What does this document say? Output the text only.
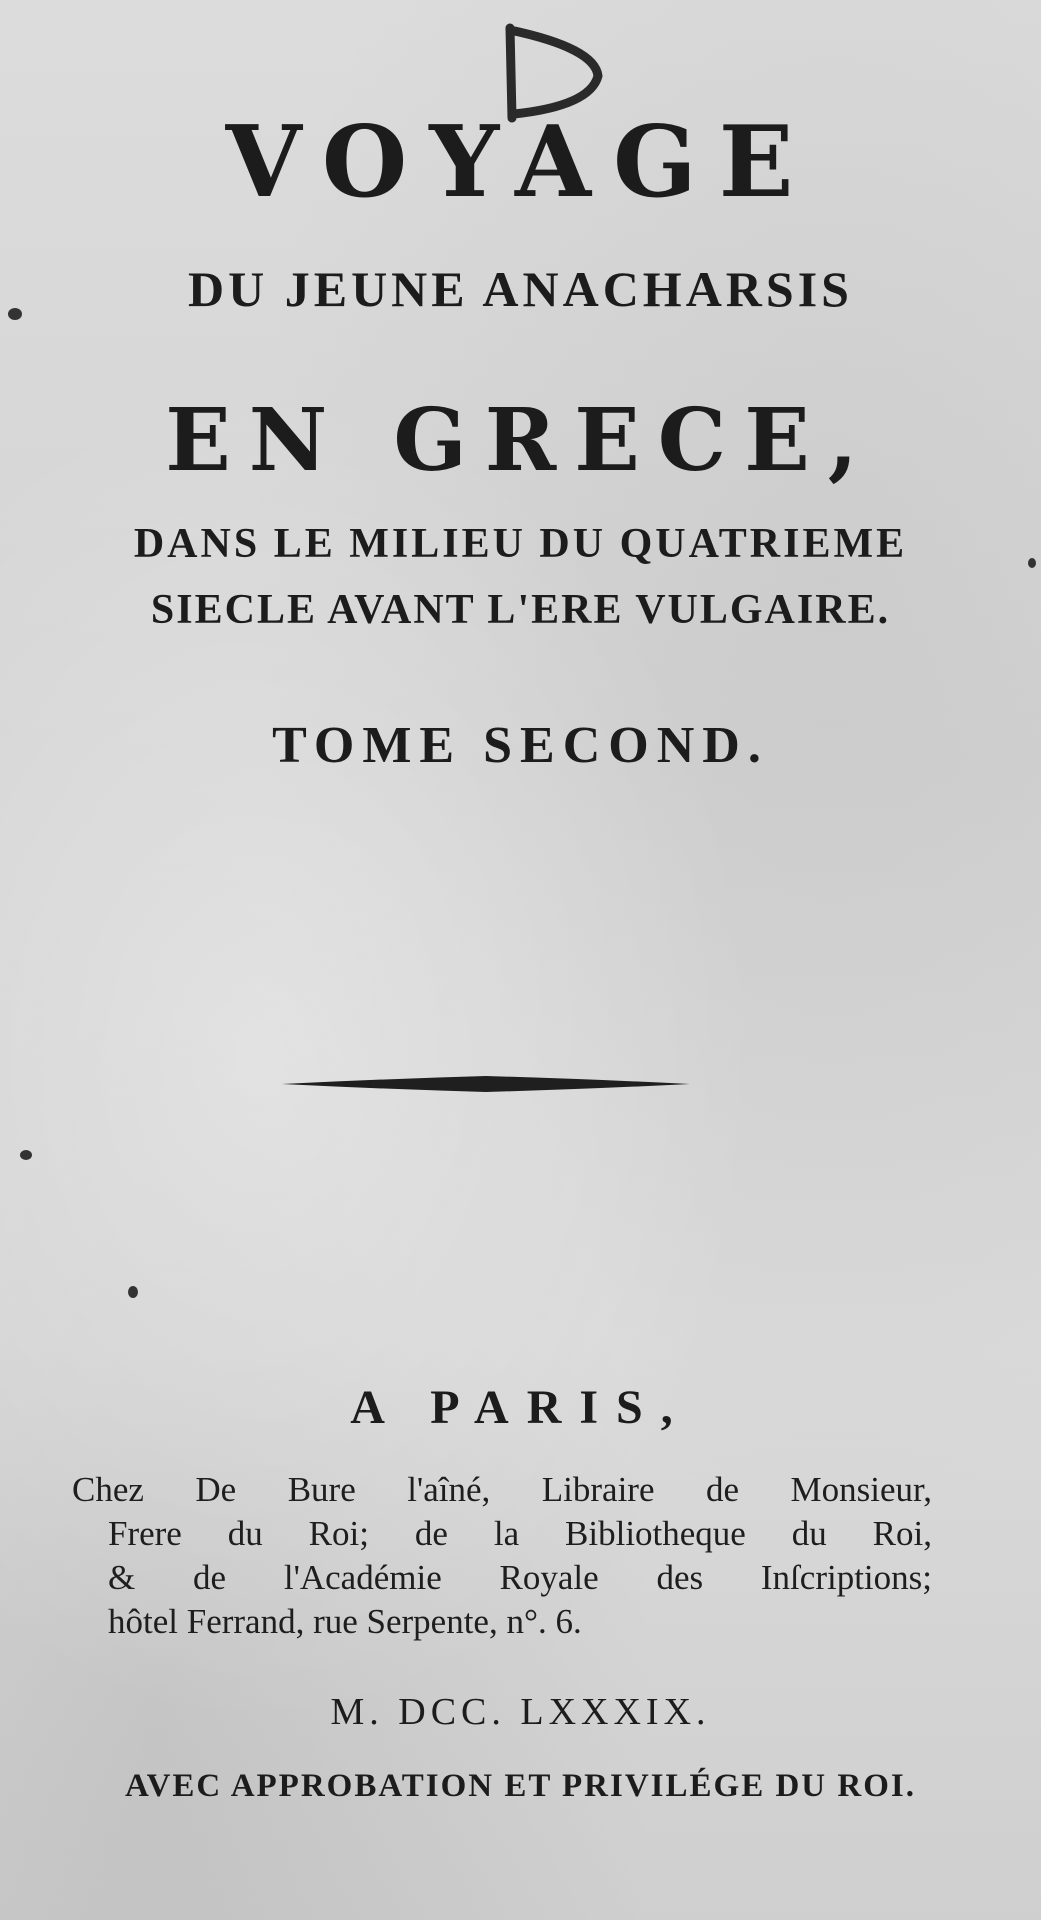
VOYAGE
DU JEUNE ANACHARSIS
EN GRECE,
DANS LE MILIEU DU QUATRIEME
SIECLE AVANT L'ERE VULGAIRE.
TOME SECOND.
A PARIS,
Chez De Bure l'aîné, Libraire de Monsieur,
Frere du Roi; de la Bibliotheque du Roi,
& de l'Académie Royale des Inſcriptions;
hôtel Ferrand, rue Serpente, n°. 6.
M. DCC. LXXXIX.
AVEC APPROBATION ET PRIVILÉGE DU ROI.
